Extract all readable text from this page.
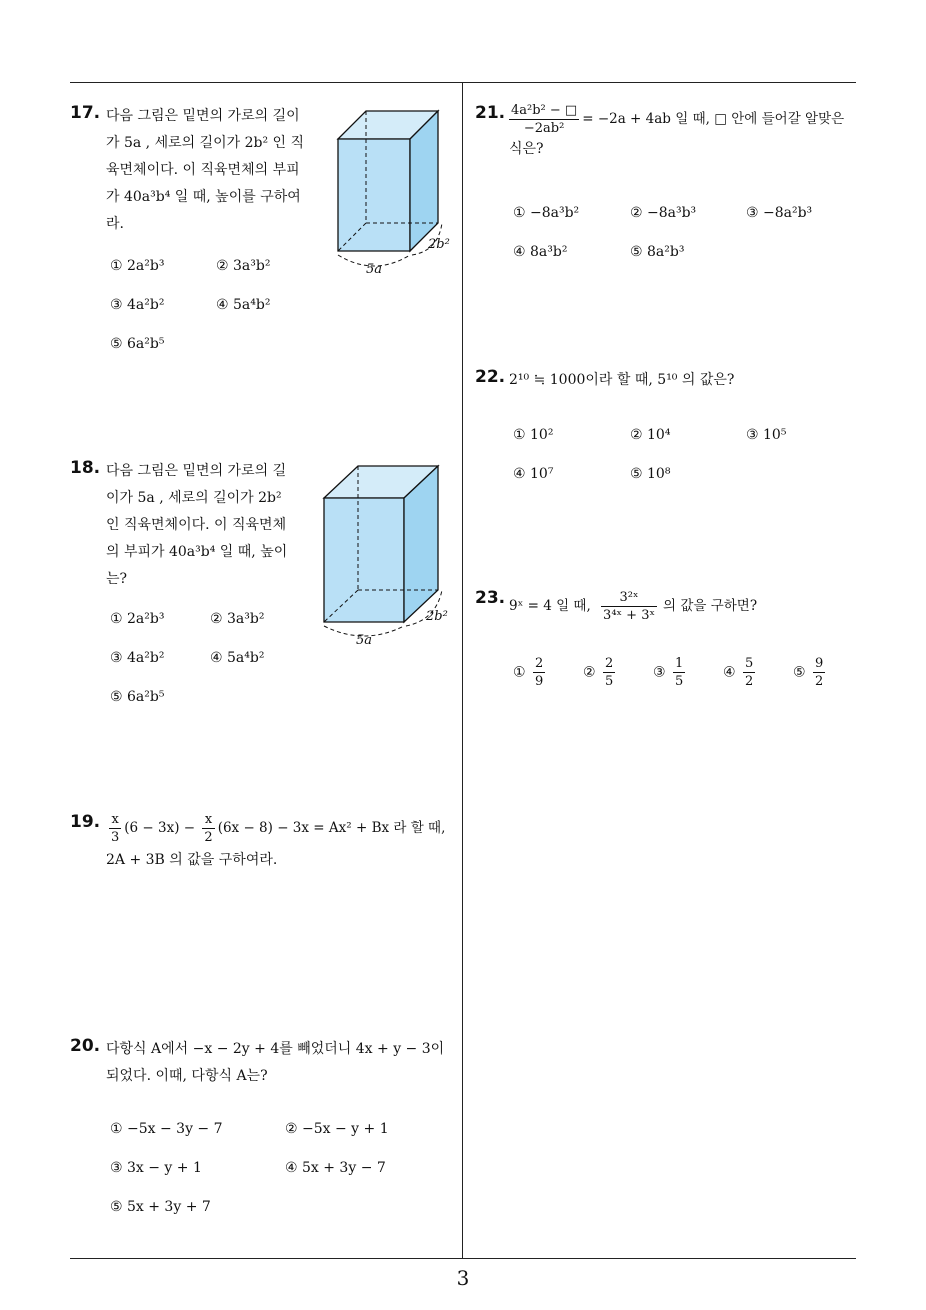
17. 다음 그림은 밑면의 가로의 길이
가 5a , 세로의 길이가 2b² 인 직
육면체이다. 이 직육면체의 부피
가 40a³b⁴ 일 때, 높이를 구하여
라.
① 2a²b³	② 3a³b²
③ 4a²b²	④ 5a⁴b²
⑤ 6a²b⁵
5a
2b²
18. 다음 그림은 밑면의 가로의 길
이가 5a , 세로의 길이가 2b²
인 직육면체이다. 이 직육면체
의 부피가 40a³b⁴ 일 때, 높이
는?
① 2a²b³	② 3a³b²
③ 4a²b²	④ 5a⁴b²
⑤ 6a²b⁵
5a
2b²
19. $\frac{x}{3} (6 - 3x) - \frac{x}{2} (6x - 8) - 3x = Ax^2 + Bx$ 라 할 때,
2A + 3B 의 값을 구하여라.
20. 다항식 A에서 −x − 2y + 4를 빼었더니 4x + y − 3이
되었다. 이때, 다항식 A는?
① −5x − 3y − 7	② −5x − y + 1
③ 3x − y + 1	④ 5x + 3y − 7
⑤ 5x + 3y + 7
21. $\frac{\text{4a²b² − □}}{\text{−2ab²}} = -2a + 4ab$ 일 때, □ 안에 들어갈 알맞은
식은?
① −8a³b²	② −8a³b³	③ −8a²b³
④ 8a³b²	⑤ 8a²b³
22. 2¹⁰ ≒ 1000이라 할 때, 5¹⁰ 의 값은?
① 10²	② 10⁴	③ 10⁵
④ 10⁷	⑤ 10⁸
23. 9ˣ = 4 일 때, $\frac{\text{3²ˣ}}{\text{3⁴ˣ + 3ˣ}}$ 의 값을 구하면?
① $\frac{2}{9}$	② $\frac{2}{5}$	③ $\frac{1}{5}$	④ $\frac{5}{2}$	⑤ $\frac{9}{2}$
3
